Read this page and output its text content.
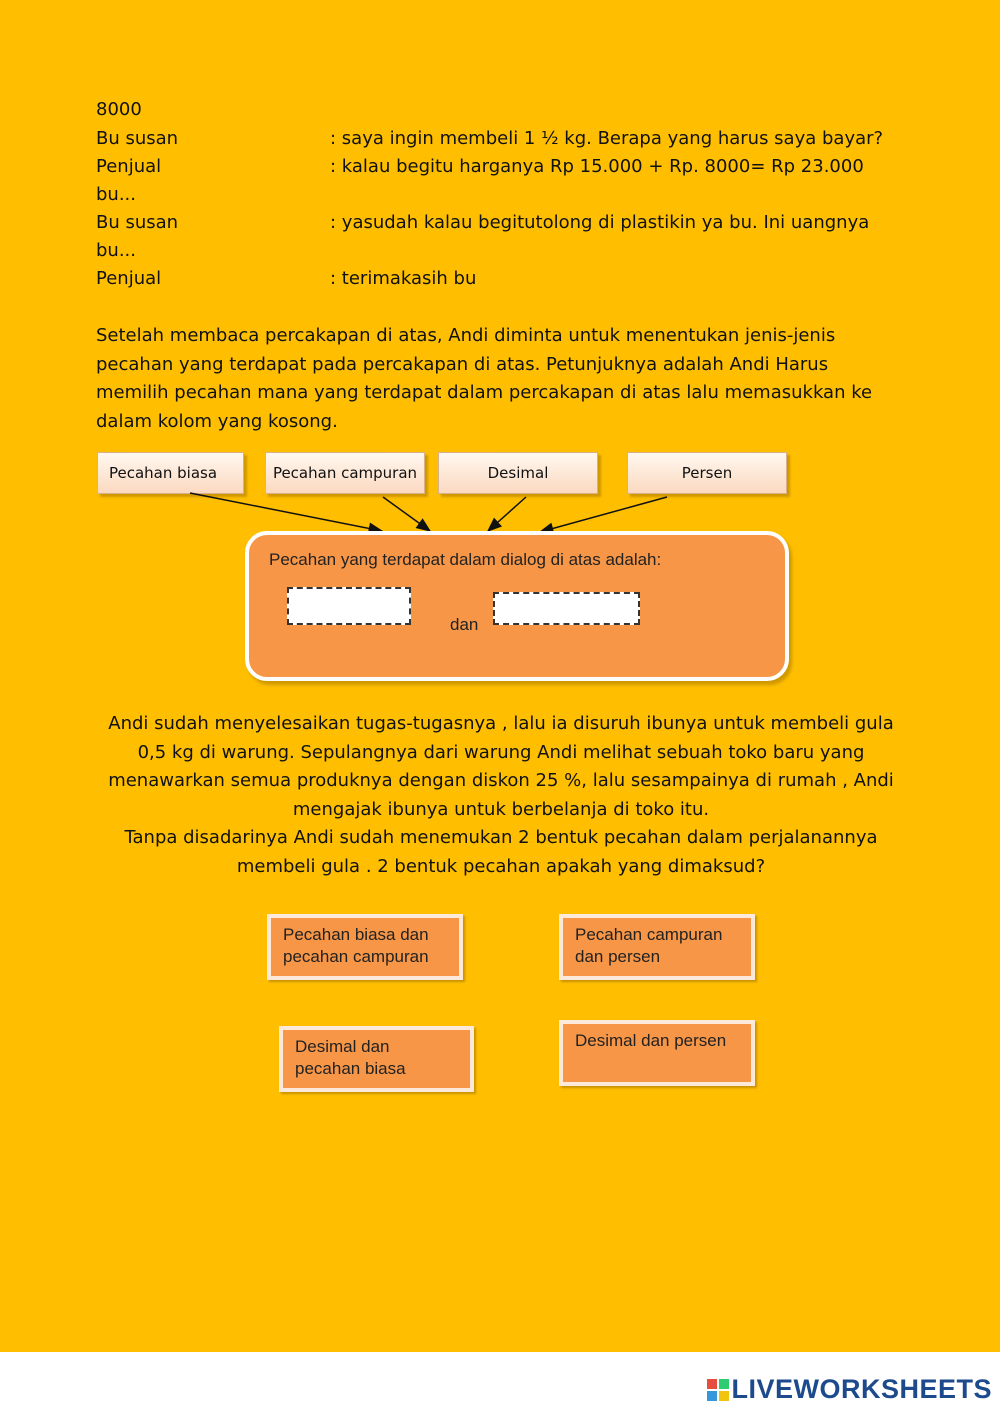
8000
Bu susan	: saya ingin membeli 1 ½ kg. Berapa yang harus saya bayar?
Penjual	: kalau begitu harganya Rp 15.000 + Rp. 8000= Rp 23.000
bu...
Bu susan	: yasudah kalau begitutolong di plastikin ya bu. Ini uangnya
bu...
Penjual	: terimakasih bu
Setelah membaca percakapan di atas, Andi diminta untuk menentukan jenis-jenis pecahan yang terdapat pada percakapan di atas. Petunjuknya adalah Andi Harus memilih pecahan mana yang terdapat dalam percakapan di atas lalu memasukkan ke dalam kolom yang kosong.
Pecahan biasa	Pecahan campuran	Desimal	Persen
Pecahan yang terdapat dalam dialog di atas adalah:
dan
Andi sudah menyelesaikan tugas-tugasnya , lalu ia disuruh ibunya untuk membeli gula 0,5 kg di warung. Sepulangnya dari warung Andi melihat sebuah toko baru yang menawarkan semua produknya dengan diskon 25 %, lalu sesampainya di rumah , Andi mengajak ibunya untuk berbelanja di toko itu.
Tanpa disadarinya Andi sudah menemukan 2 bentuk pecahan dalam perjalanannya membeli gula . 2 bentuk pecahan apakah yang dimaksud?
Pecahan biasa dan pecahan campuran
Pecahan campuran dan persen
Desimal dan pecahan biasa
Desimal dan persen
LIVEWORKSHEETS
